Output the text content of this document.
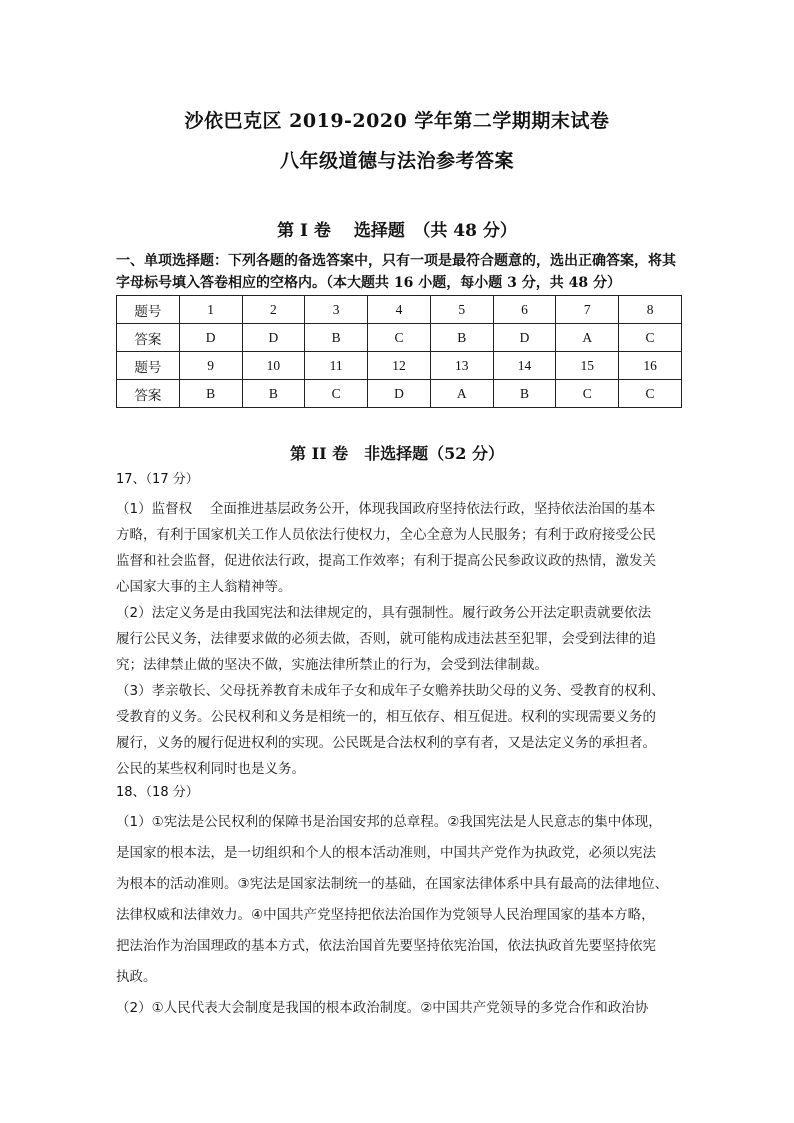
沙依巴克区 2019-2020 学年第二学期期末试卷
八年级道德与法治参考答案
第 I 卷　 选择题　（共 48 分）
一、单项选择题：下列各题的备选答案中，只有一项是最符合题意的，选出正确答案，将其字母标号填入答卷相应的空格内。（本大题共 16 小题，每小题 3 分，共 48 分）
题号	1	2	3	4	5	6	7	8
答案	D	D	B	C	B	D	A	C
题号	9	10	11	12	13	14	15	16
答案	B	B	C	D	A	B	C	C
第 II 卷　非选择题（52 分）
17、（17 分）
（1）监督权　 全面推进基层政务公开，体现我国政府坚持依法行政，坚持依法治国的基本
方略，有利于国家机关工作人员依法行使权力，全心全意为人民服务；有利于政府接受公民
监督和社会监督，促进依法行政，提高工作效率；有利于提高公民参政议政的热情，激发关
心国家大事的主人翁精神等。
（2）法定义务是由我国宪法和法律规定的，具有强制性。履行政务公开法定职责就要依法
履行公民义务，法律要求做的必须去做，否则，就可能构成违法甚至犯罪，会受到法律的追
究；法律禁止做的坚决不做，实施法律所禁止的行为，会受到法律制裁。
（3）孝亲敬长、父母抚养教育未成年子女和成年子女赡养扶助父母的义务、受教育的权利、
受教育的义务。公民权利和义务是相统一的，相互依存、相互促进。权利的实现需要义务的
履行，义务的履行促进权利的实现。公民既是合法权利的享有者，又是法定义务的承担者。
公民的某些权利同时也是义务。
18、（18 分）
（1）①宪法是公民权利的保障书是治国安邦的总章程。②我国宪法是人民意志的集中体现，
是国家的根本法，是一切组织和个人的根本活动准则，中国共产党作为执政党，必须以宪法
为根本的活动准则。③宪法是国家法制统一的基础，在国家法律体系中具有最高的法律地位、
法律权威和法律效力。④中国共产党坚持把依法治国作为党领导人民治理国家的基本方略，
把法治作为治国理政的基本方式，依法治国首先要坚持依宪治国，依法执政首先要坚持依宪
执政。
（2）①人民代表大会制度是我国的根本政治制度。②中国共产党领导的多党合作和政治协
